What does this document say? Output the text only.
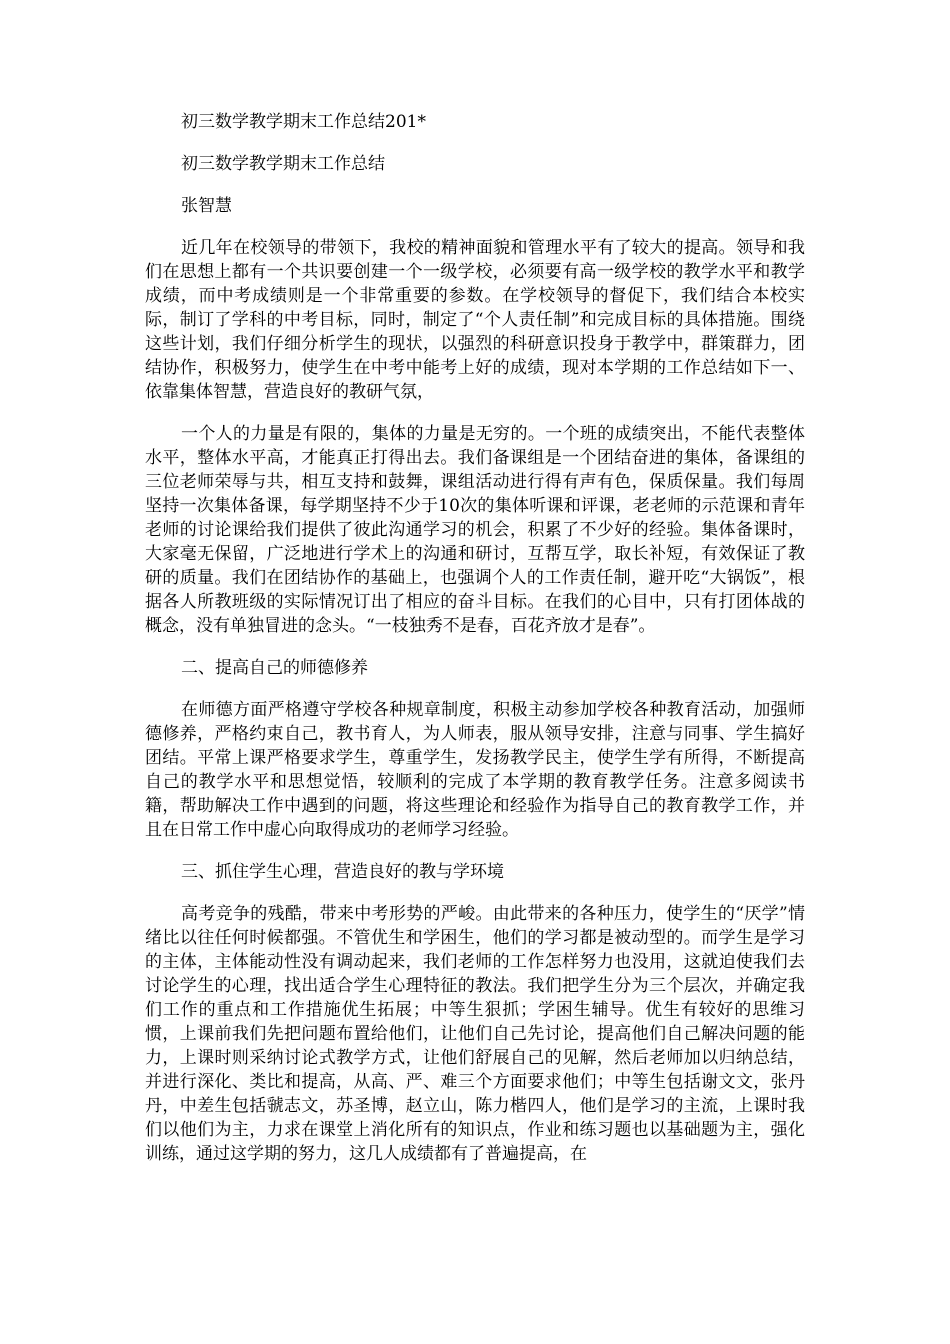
初三数学教学期末工作总结201*

初三数学教学期末工作总结

张智慧

近几年在校领导的带领下，我校的精神面貌和管理水平有了较大的提高。领导和我们在思想上都有一个共识要创建一个一级学校，必须要有高一级学校的教学水平和教学成绩，而中考成绩则是一个非常重要的参数。在学校领导的督促下，我们结合本校实际，制订了学科的中考目标，同时，制定了“个人责任制”和完成目标的具体措施。围绕这些计划，我们仔细分析学生的现状，以强烈的科研意识投身于教学中，群策群力，团结协作，积极努力，使学生在中考中能考上好的成绩，现对本学期的工作总结如下一、依靠集体智慧，营造良好的教研气氛，

一个人的力量是有限的，集体的力量是无穷的。一个班的成绩突出，不能代表整体水平，整体水平高，才能真正打得出去。我们备课组是一个团结奋进的集体，备课组的三位老师荣辱与共，相互支持和鼓舞，课组活动进行得有声有色，保质保量。我们每周坚持一次集体备课，每学期坚持不少于10次的集体听课和评课，老老师的示范课和青年老师的讨论课给我们提供了彼此沟通学习的机会，积累了不少好的经验。集体备课时，大家毫无保留，广泛地进行学术上的沟通和研讨，互帮互学，取长补短，有效保证了教研的质量。我们在团结协作的基础上，也强调个人的工作责任制，避开吃“大锅饭”，根据各人所教班级的实际情况订出了相应的奋斗目标。在我们的心目中，只有打团体战的概念，没有单独冒进的念头。“一枝独秀不是春，百花齐放才是春”。

二、提高自己的师德修养

在师德方面严格遵守学校各种规章制度，积极主动参加学校各种教育活动，加强师德修养，严格约束自己，教书育人，为人师表，服从领导安排，注意与同事、学生搞好团结。平常上课严格要求学生，尊重学生，发扬教学民主，使学生学有所得，不断提高自己的教学水平和思想觉悟，较顺利的完成了本学期的教育教学任务。注意多阅读书籍，帮助解决工作中遇到的问题，将这些理论和经验作为指导自己的教育教学工作，并且在日常工作中虚心向取得成功的老师学习经验。

三、抓住学生心理，营造良好的教与学环境

高考竞争的残酷，带来中考形势的严峻。由此带来的各种压力，使学生的“厌学”情绪比以往任何时候都强。不管优生和学困生，他们的学习都是被动型的。而学生是学习的主体，主体能动性没有调动起来，我们老师的工作怎样努力也没用，这就迫使我们去讨论学生的心理，找出适合学生心理特征的教法。我们把学生分为三个层次，并确定我们工作的重点和工作措施优生拓展；中等生狠抓；学困生辅导。优生有较好的思维习惯，上课前我们先把问题布置给他们，让他们自己先讨论，提高他们自己解决问题的能力，上课时则采纳讨论式教学方式，让他们舒展自己的见解，然后老师加以归纳总结，并进行深化、类比和提高，从高、严、难三个方面要求他们；中等生包括谢文文，张丹丹，中差生包括虢志文，苏圣博，赵立山，陈力楷四人，他们是学习的主流，上课时我们以他们为主，力求在课堂上消化所有的知识点，作业和练习题也以基础题为主，强化训练，通过这学期的努力，这几人成绩都有了普遍提高，在
